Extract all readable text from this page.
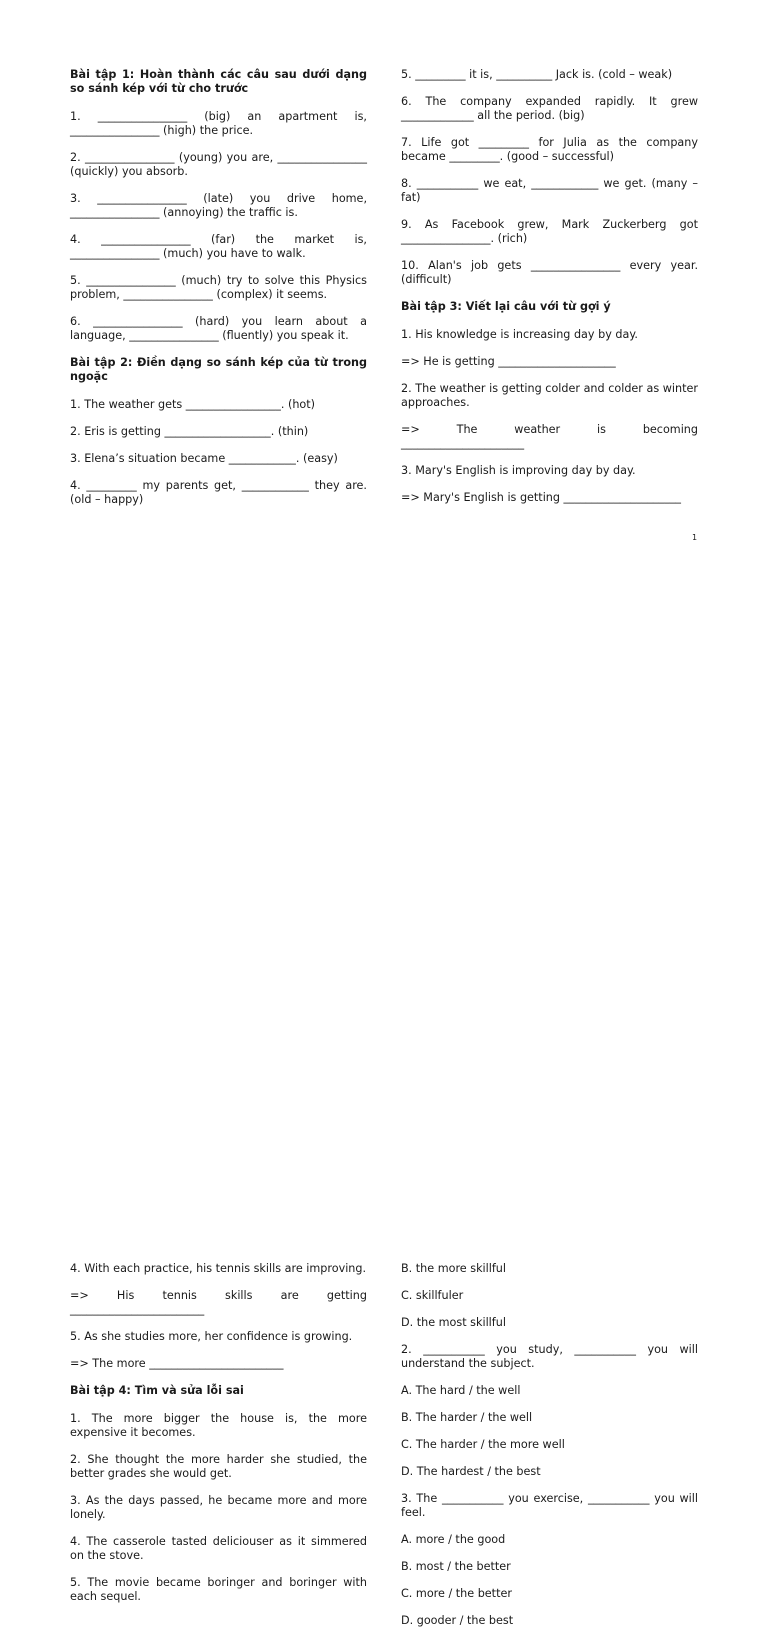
Bài tập 1: Hoàn thành các câu sau dưới dạng so sánh kép với từ cho trước

1. ________________ (big) an apartment is, ________________ (high) the price.

2. ________________ (young) you are, ________________ (quickly) you absorb.

3. ________________ (late) you drive home, ________________ (annoying) the traffic is.

4. ________________ (far) the market is, ________________ (much) you have to walk.

5. ________________ (much) try to solve this Physics problem, ________________ (complex) it seems.

6. ________________ (hard) you learn about a language, ________________ (fluently) you speak it.

Bài tập 2: Điền dạng so sánh kép của từ trong ngoặc

1. The weather gets _________________. (hot)

2. Eris is getting ___________________. (thin)

3. Elena’s situation became ____________. (easy)

4. _________ my parents get, ____________ they are. (old – happy)

5. _________ it is, __________ Jack is. (cold – weak)

6. The company expanded rapidly. It grew _____________ all the period. (big)

7. Life got _________ for Julia as the company became _________. (good – successful)

8. ___________ we eat, ____________ we get. (many – fat)

9. As Facebook grew, Mark Zuckerberg got ________________. (rich)

10. Alan's job gets ________________ every year. (difficult)

Bài tập 3: Viết lại câu với từ gợi ý

1. His knowledge is increasing day by day.

=> He is getting _____________________

2. The weather is getting colder and colder as winter approaches.

=>  The  weather  is  becoming ______________________

3. Mary's English is improving day by day.

=> Mary's English is getting _____________________

1

4. With each practice, his tennis skills are improving.

=>  His  tennis  skills  are  getting ________________________

5. As she studies more, her confidence is growing.

=> The more ________________________

Bài tập 4: Tìm và sửa lỗi sai

1. The more bigger the house is, the more expensive it becomes.

2. She thought the more harder she studied, the better grades she would get.

3. As the days passed, he became more and more lonely.

4. The casserole tasted deliciouser as it simmered on the stove.

5. The movie became boringer and boringer with each sequel.

B. the more skillful

C. skillfuler

D. the most skillful

2. ___________ you study, ___________ you will understand the subject.

A. The hard / the well

B. The harder / the well

C. The harder / the more well

D. The hardest / the best

3. The ___________ you exercise, ___________ you will feel.

A. more / the good

B. most / the better

C. more / the better

D. gooder / the best
